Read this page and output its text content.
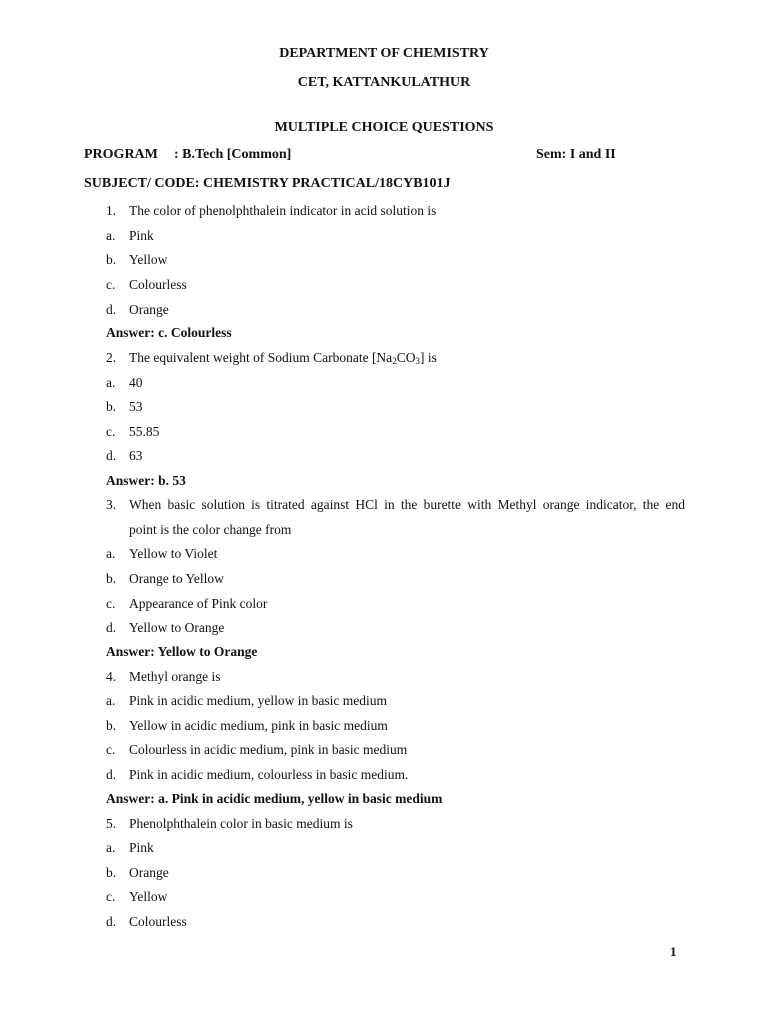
DEPARTMENT OF CHEMISTRY
CET, KATTANKULATHUR
MULTIPLE CHOICE QUESTIONS
PROGRAM : B.Tech [Common]	Sem: I and II
SUBJECT/ CODE: CHEMISTRY PRACTICAL/18CYB101J
1. The color of phenolphthalein indicator in acid solution is
a. Pink
b. Yellow
c. Colourless
d. Orange
Answer: c. Colourless
2. The equivalent weight of Sodium Carbonate $[Na_2CO_3]$ is
a. 40
b. 53
c. 55.85
d. 63
Answer: b. 53
3. When basic solution is titrated against HCl in the burette with Methyl orange indicator, the end
point is the color change from
a. Yellow to Violet
b. Orange to Yellow
c. Appearance of Pink color
d. Yellow to Orange
Answer: Yellow to Orange
4. Methyl orange is
a. Pink in acidic medium, yellow in basic medium
b. Yellow in acidic medium, pink in basic medium
c. Colourless in acidic medium, pink in basic medium
d. Pink in acidic medium, colourless in basic medium.
Answer: a. Pink in acidic medium, yellow in basic medium
5. Phenolphthalein color in basic medium is
a. Pink
b. Orange
c. Yellow
d. Colourless
1
